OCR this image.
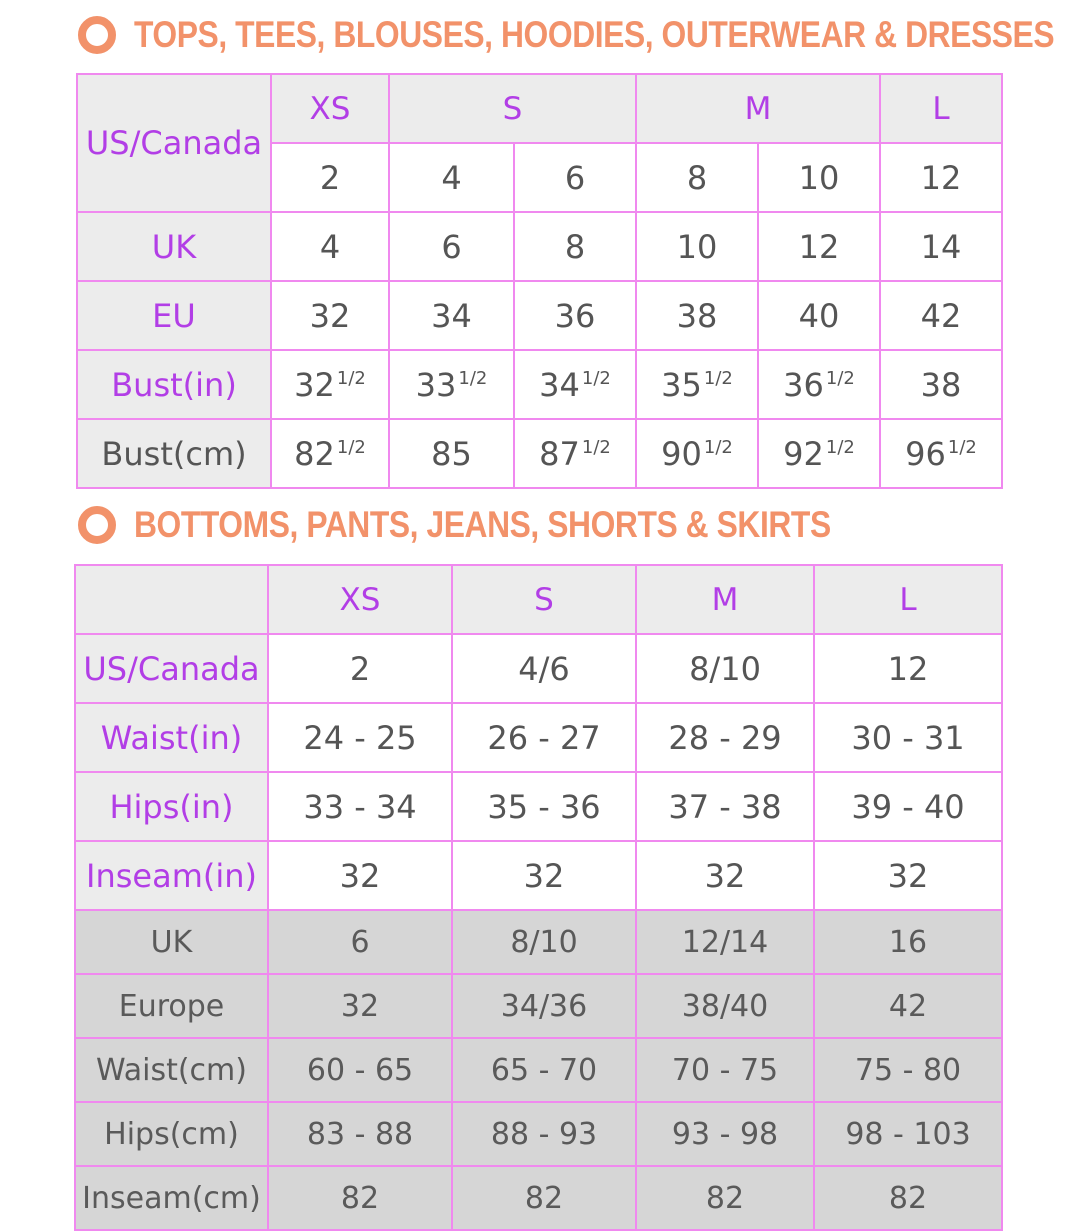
TOPS, TEES, BLOUSES, HOODIES, OUTERWEAR & DRESSES
US/Canada	XS	S		M		L
	2	4	6	8	10	12
UK	4	6	8	10	12	14
EU	32	34	36	38	40	42
Bust(in)	32 $^{1/2}$	33 $^{1/2}$	34 $^{1/2}$	35 $^{1/2}$	36 $^{1/2}$	38
Bust(cm)	82 $^{1/2}$	85	87 $^{1/2}$	90 $^{1/2}$	92 $^{1/2}$	96 $^{1/2}$
BOTTOMS, PANTS, JEANS, SHORTS & SKIRTS
	XS	S	M	L
US/Canada	2	4/6	8/10	12
Waist(in)	24 - 25	26 - 27	28 - 29	30 - 31
Hips(in)	33 - 34	35 - 36	37 - 38	39 - 40
Inseam(in)	32	32	32	32
UK	6	8/10	12/14	16
Europe	32	34/36	38/40	42
Waist(cm)	60 - 65	65 - 70	70 - 75	75 - 80
Hips(cm)	83 - 88	88 - 93	93 - 98	98 - 103
Inseam(cm)	82	82	82	82
